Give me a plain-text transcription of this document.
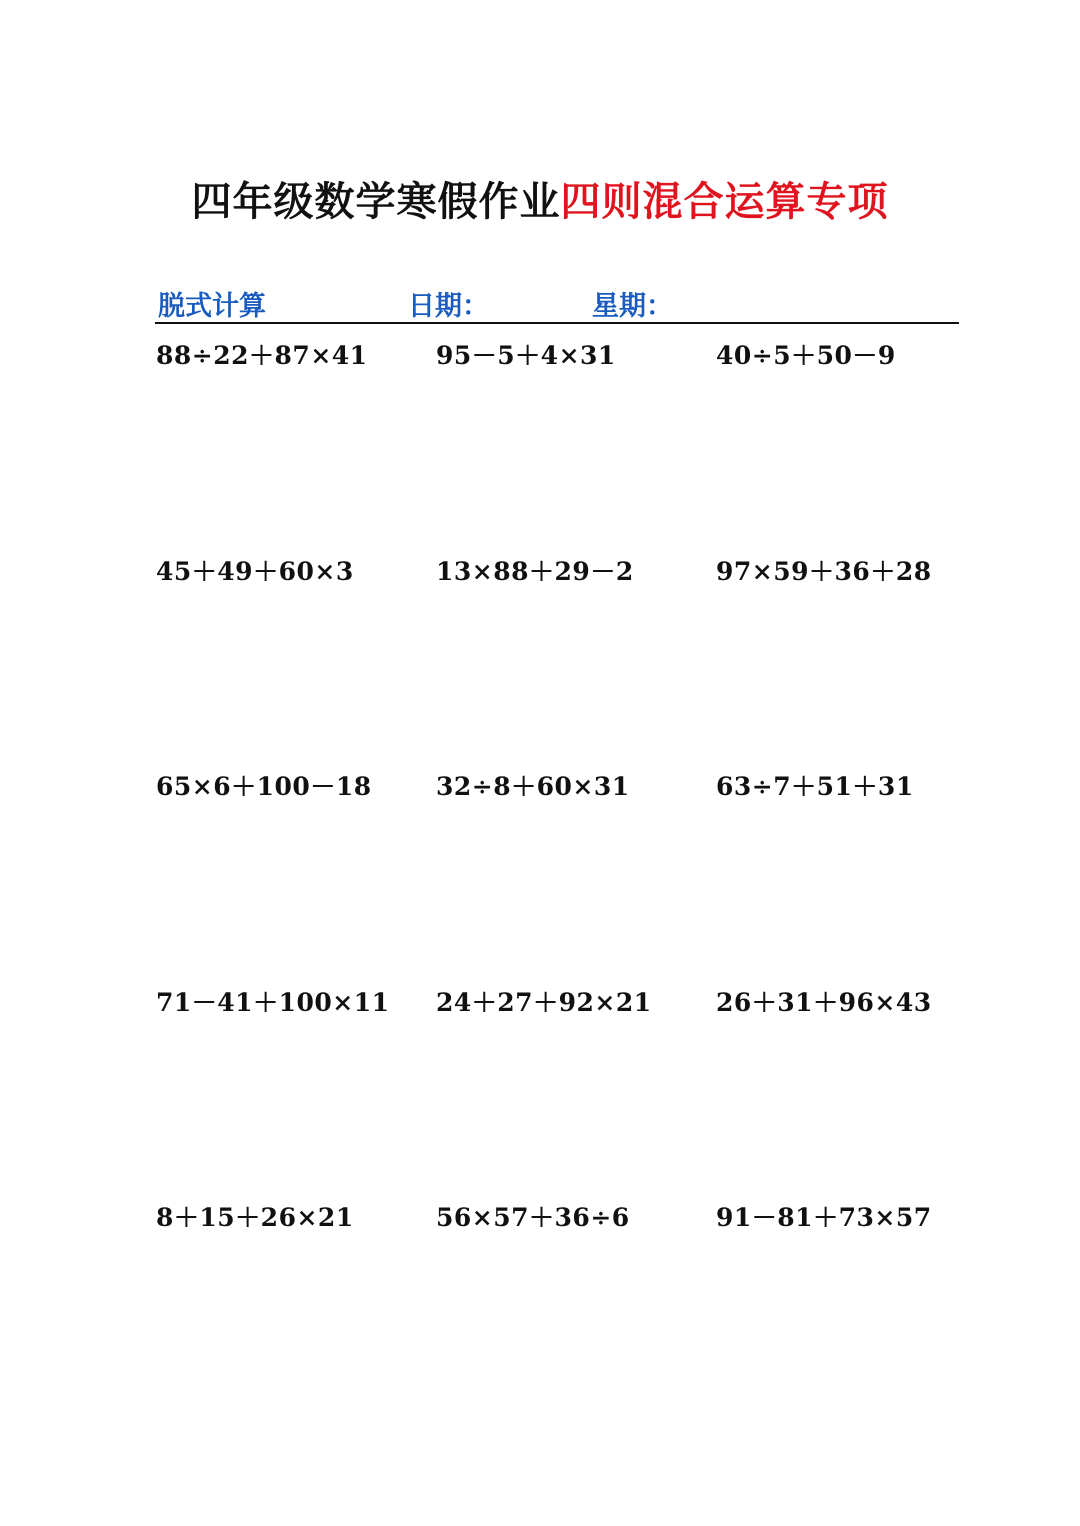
四年级数学寒假作业四则混合运算专项
脱式计算	日期：	星期：
88÷22＋87×41	95－5＋4×31	40÷5＋50－9
45＋49＋60×3	13×88＋29－2	97×59＋36＋28
65×6＋100－18	32÷8＋60×31	63÷7＋51＋31
71－41＋100×11 24＋27＋92×21	26＋31＋96×43
8＋15＋26×21	56×57＋36÷6	91－81＋73×57
